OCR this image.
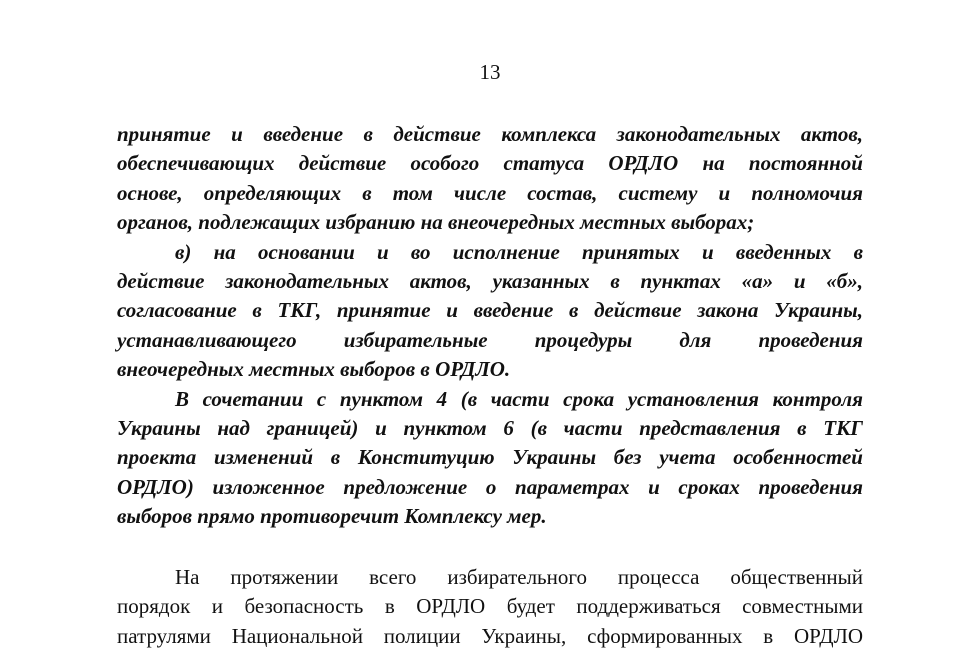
13
принятие и введение в действие комплекса законодательных актов,
обеспечивающих действие особого статуса ОРДЛО на постоянной
основе, определяющих в том числе состав, систему и полномочия
органов, подлежащих избранию на внеочередных местных выборах;
в) на основании и во исполнение принятых и введенных в
действие законодательных актов, указанных в пунктах «а» и «б»,
согласование в ТКГ, принятие и введение в действие закона Украины,
устанавливающего избирательные процедуры для проведения
внеочередных местных выборов в ОРДЛО.
В сочетании с пунктом 4 (в части срока установления контроля
Украины над границей) и пунктом 6 (в части представления в ТКГ
проекта изменений в Конституцию Украины без учета особенностей
ОРДЛО) изложенное предложение о параметрах и сроках проведения
выборов прямо противоречит Комплексу мер.
На протяжении всего избирательного процесса общественный
порядок и безопасность в ОРДЛО будет поддерживаться совместными
патрулями Национальной полиции Украины, сформированных в ОРДЛО
